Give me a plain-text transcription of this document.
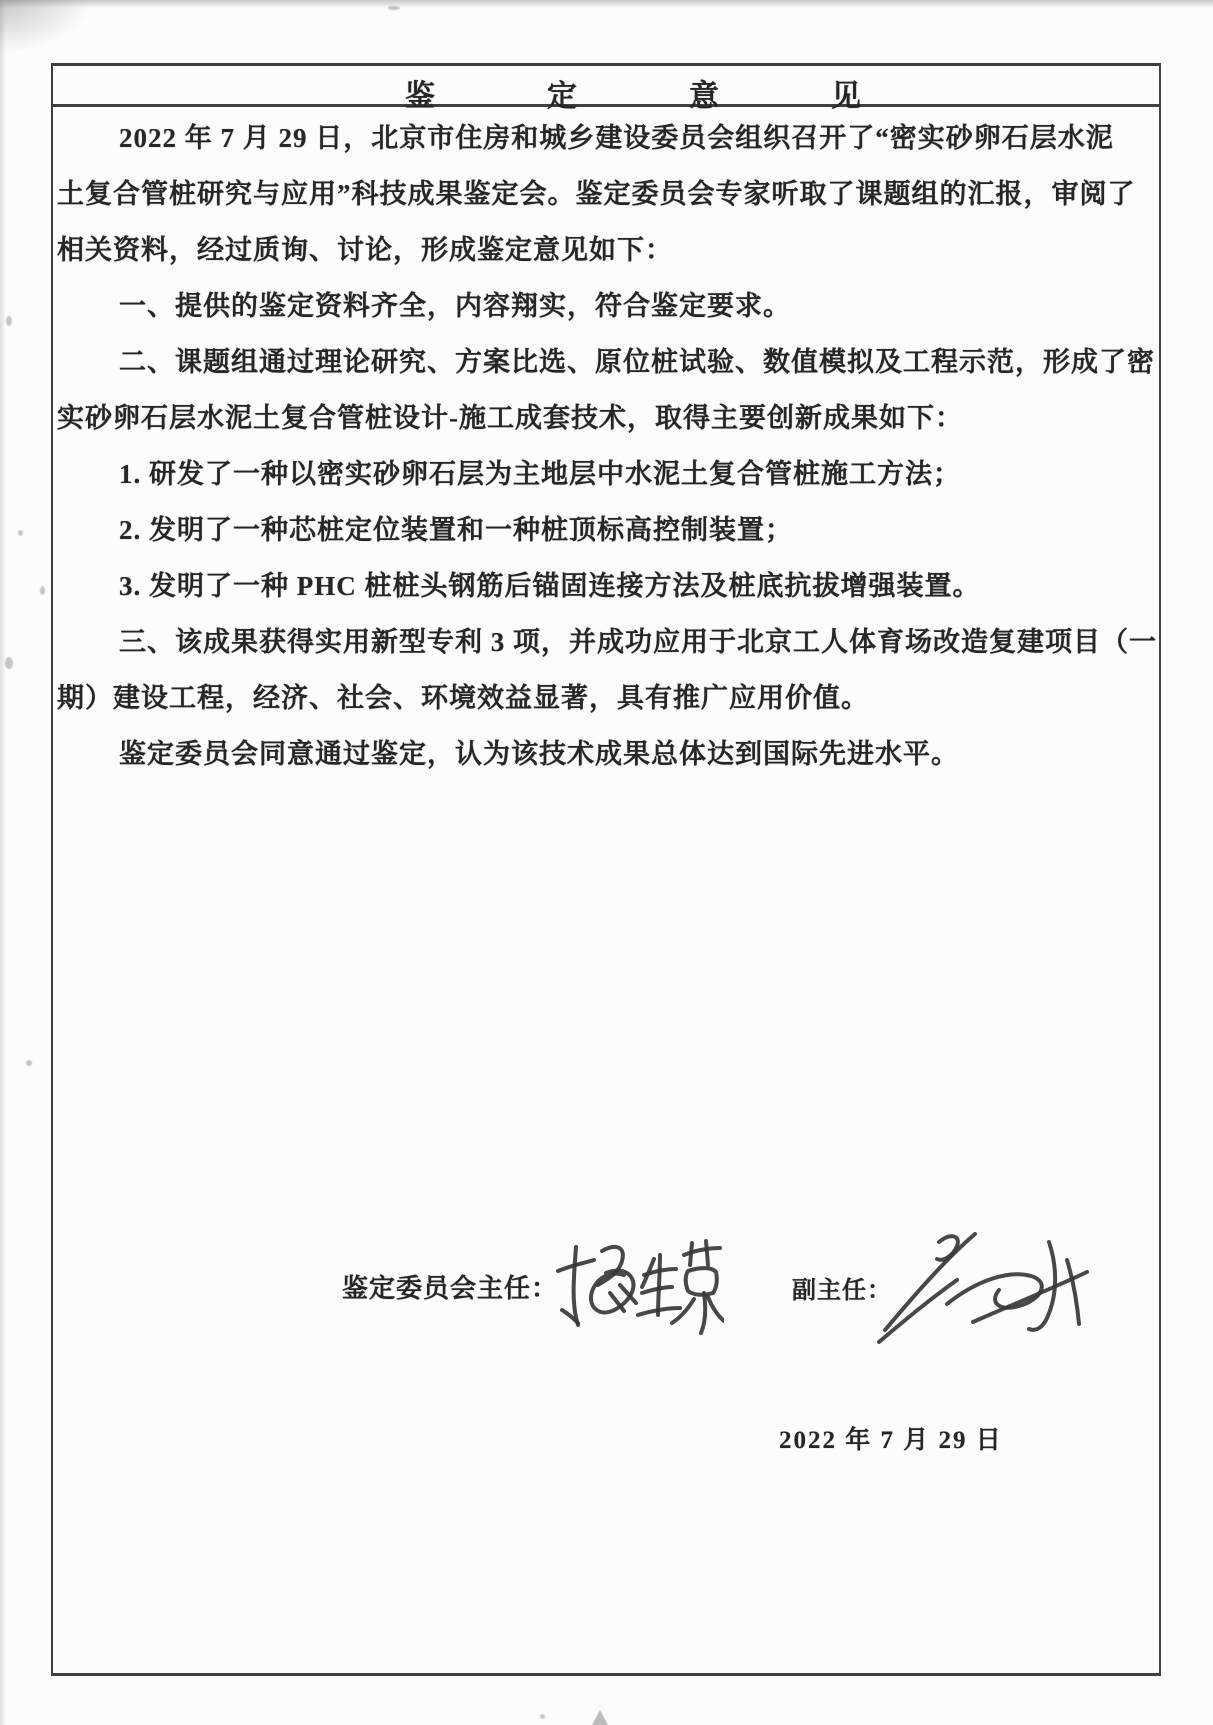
鉴定意见
2022 年 7 月 29 日，北京市住房和城乡建设委员会组织召开了“密实砂卵石层水泥
土复合管桩研究与应用”科技成果鉴定会。鉴定委员会专家听取了课题组的汇报，审阅了
相关资料，经过质询、讨论，形成鉴定意见如下：
一、提供的鉴定资料齐全，内容翔实，符合鉴定要求。
二、课题组通过理论研究、方案比选、原位桩试验、数值模拟及工程示范，形成了密
实砂卵石层水泥土复合管桩设计-施工成套技术，取得主要创新成果如下：
1. 研发了一种以密实砂卵石层为主地层中水泥土复合管桩施工方法；
2. 发明了一种芯桩定位装置和一种桩顶标高控制装置；
3. 发明了一种 PHC 桩桩头钢筋后锚固连接方法及桩底抗拔增强装置。
三、该成果获得实用新型专利 3 项，并成功应用于北京工人体育场改造复建项目（一
期）建设工程，经济、社会、环境效益显著，具有推广应用价值。
鉴定委员会同意通过鉴定，认为该技术成果总体达到国际先进水平。
鉴定委员会主任：	副主任：
2022 年 7 月 29 日
